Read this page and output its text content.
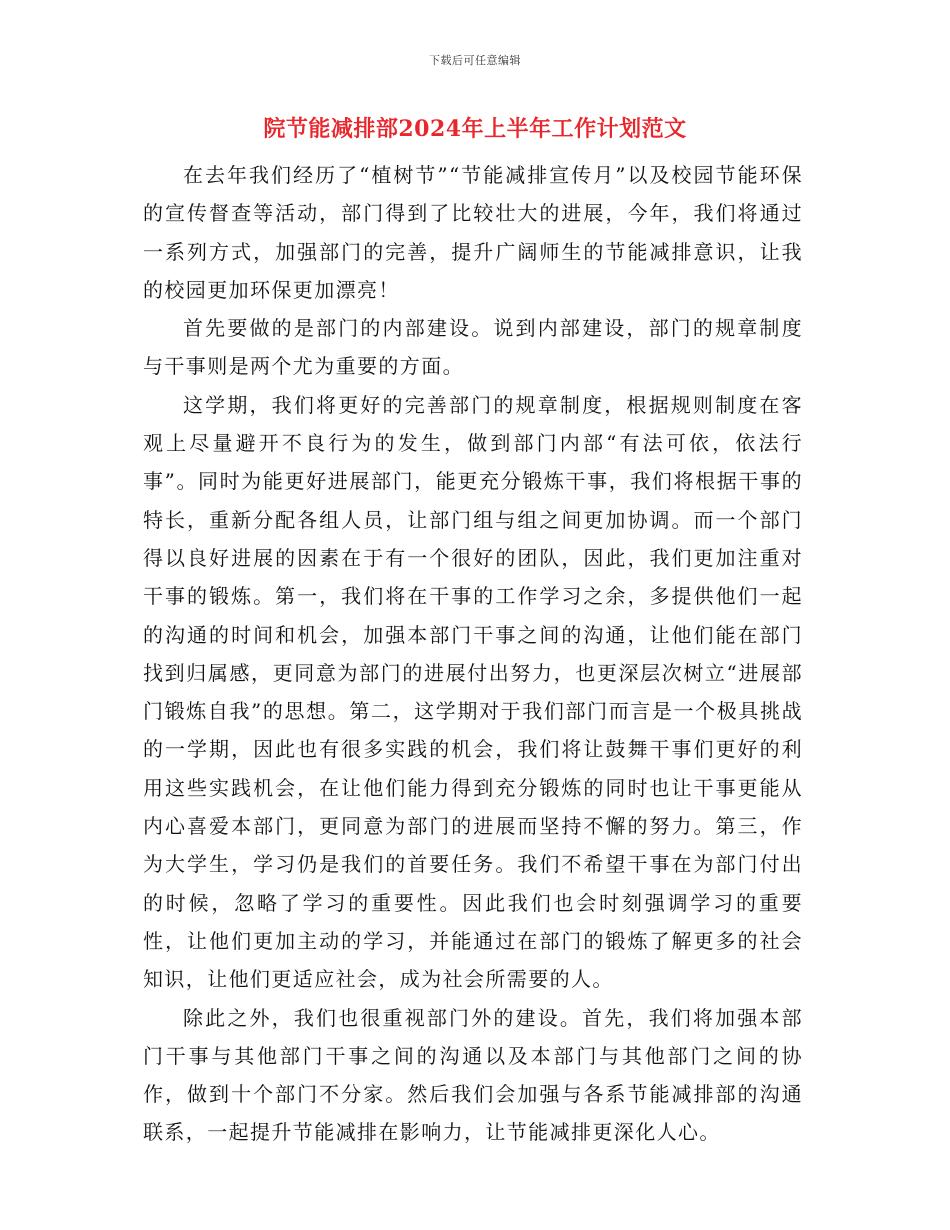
下载后可任意编辑
院节能减排部2024年上半年工作计划范文

在去年我们经历了“植树节”“节能减排宣传月”以及校园节能环保的宣传督查等活动，部门得到了比较壮大的进展，今年，我们将通过一系列方式，加强部门的完善，提升广阔师生的节能减排意识，让我的校园更加环保更加漂亮！

首先要做的是部门的内部建设。说到内部建设，部门的规章制度与干事则是两个尤为重要的方面。

这学期，我们将更好的完善部门的规章制度，根据规则制度在客观上尽量避开不良行为的发生，做到部门内部“有法可依，依法行事”。同时为能更好进展部门，能更充分锻炼干事，我们将根据干事的特长，重新分配各组人员，让部门组与组之间更加协调。而一个部门得以良好进展的因素在于有一个很好的团队，因此，我们更加注重对干事的锻炼。第一，我们将在干事的工作学习之余，多提供他们一起的沟通的时间和机会，加强本部门干事之间的沟通，让他们能在部门找到归属感，更同意为部门的进展付出努力，也更深层次树立“进展部门锻炼自我”的思想。第二，这学期对于我们部门而言是一个极具挑战的一学期，因此也有很多实践的机会，我们将让鼓舞干事们更好的利用这些实践机会，在让他们能力得到充分锻炼的同时也让干事更能从内心喜爱本部门，更同意为部门的进展而坚持不懈的努力。第三，作为大学生，学习仍是我们的首要任务。我们不希望干事在为部门付出的时候，忽略了学习的重要性。因此我们也会时刻强调学习的重要性，让他们更加主动的学习，并能通过在部门的锻炼了解更多的社会知识，让他们更适应社会，成为社会所需要的人。

除此之外，我们也很重视部门外的建设。首先，我们将加强本部门干事与其他部门干事之间的沟通以及本部门与其他部门之间的协作，做到十个部门不分家。然后我们会加强与各系节能减排部的沟通联系，一起提升节能减排在影响力，让节能减排更深化人心。
